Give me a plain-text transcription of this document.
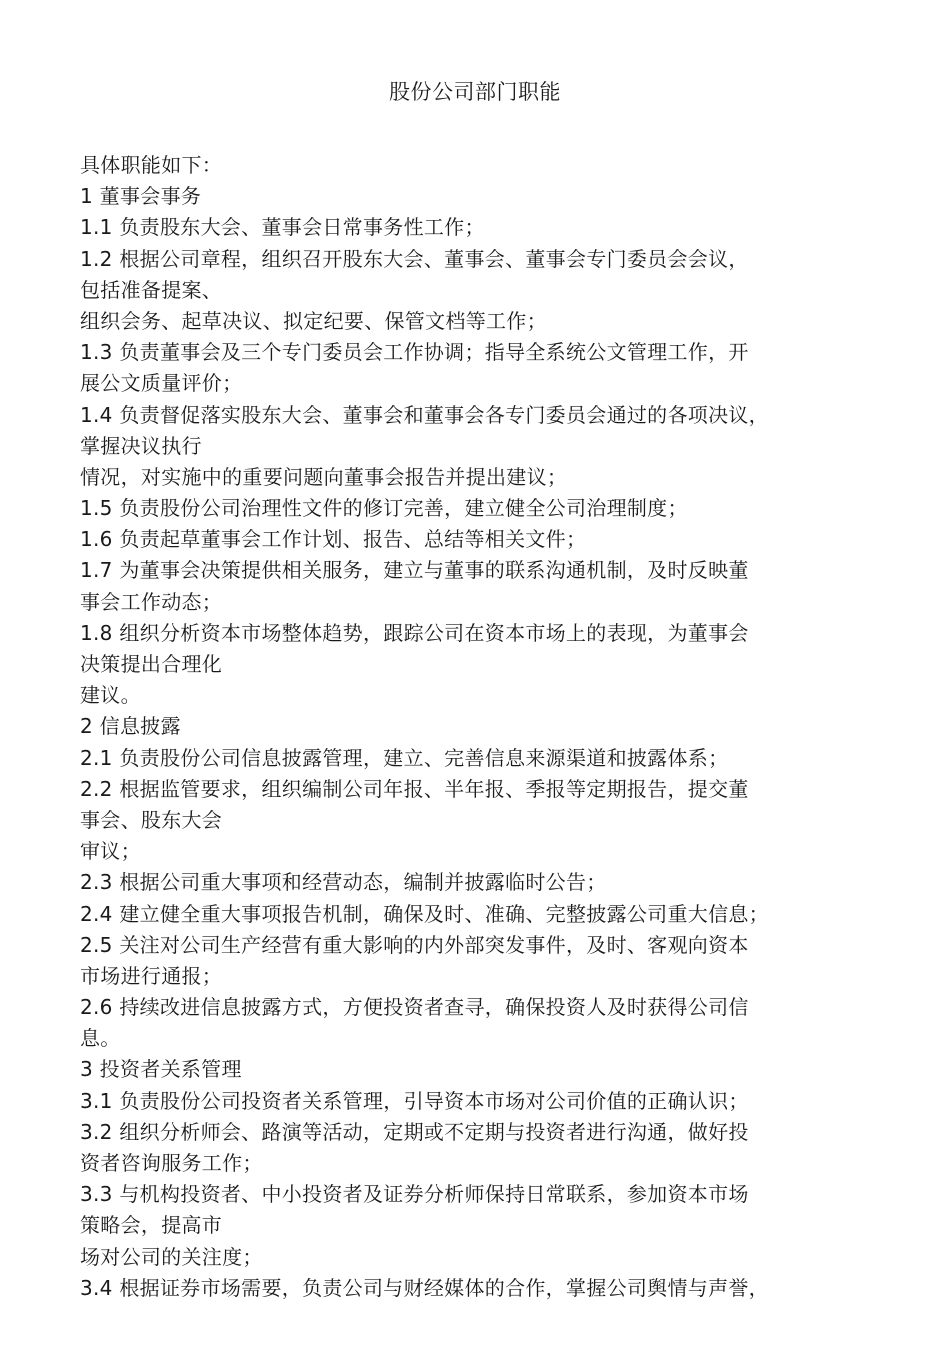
股份公司部门职能
具体职能如下：
1 董事会事务
1.1 负责股东大会、董事会日常事务性工作；
1.2 根据公司章程，组织召开股东大会、董事会、董事会专门委员会会议，
包括准备提案、
组织会务、起草决议、拟定纪要、保管文档等工作；
1.3 负责董事会及三个专门委员会工作协调；指导全系统公文管理工作，开
展公文质量评价；
1.4 负责督促落实股东大会、董事会和董事会各专门委员会通过的各项决议，
掌握决议执行
情况，对实施中的重要问题向董事会报告并提出建议；
1.5 负责股份公司治理性文件的修订完善，建立健全公司治理制度；
1.6 负责起草董事会工作计划、报告、总结等相关文件；
1.7 为董事会决策提供相关服务，建立与董事的联系沟通机制，及时反映董
事会工作动态；
1.8 组织分析资本市场整体趋势，跟踪公司在资本市场上的表现，为董事会
决策提出合理化
建议。
2 信息披露
2.1 负责股份公司信息披露管理，建立、完善信息来源渠道和披露体系；
2.2 根据监管要求，组织编制公司年报、半年报、季报等定期报告，提交董
事会、股东大会
审议；
2.3 根据公司重大事项和经营动态，编制并披露临时公告；
2.4 建立健全重大事项报告机制，确保及时、准确、完整披露公司重大信息；
2.5 关注对公司生产经营有重大影响的内外部突发事件，及时、客观向资本
市场进行通报；
2.6 持续改进信息披露方式，方便投资者查寻，确保投资人及时获得公司信
息。
3 投资者关系管理
3.1 负责股份公司投资者关系管理，引导资本市场对公司价值的正确认识；
3.2 组织分析师会、路演等活动，定期或不定期与投资者进行沟通，做好投
资者咨询服务工作；
3.3 与机构投资者、中小投资者及证券分析师保持日常联系，参加资本市场
策略会，提高市
场对公司的关注度；
3.4 根据证券市场需要，负责公司与财经媒体的合作，掌握公司舆情与声誉，
